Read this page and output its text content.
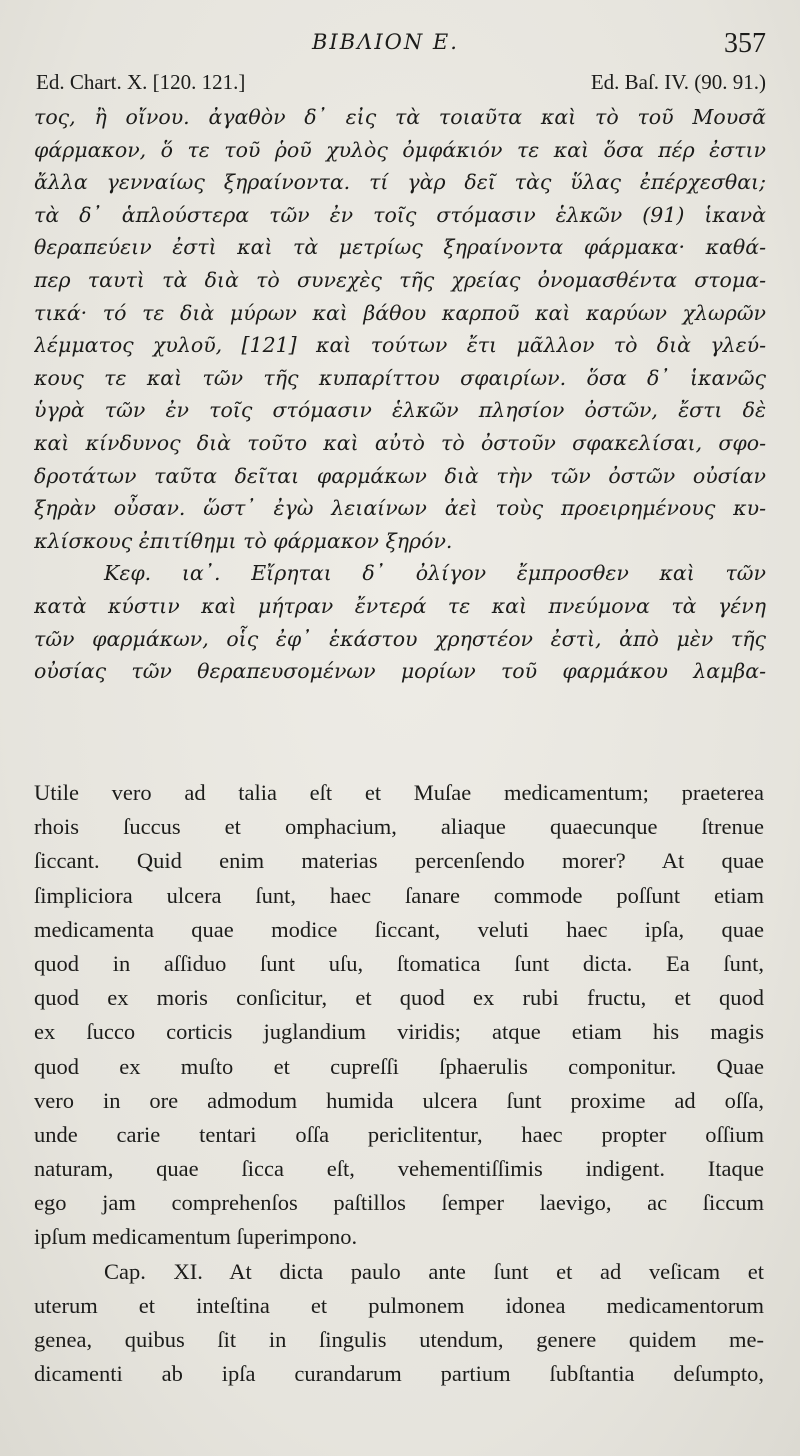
ΒΙΒΛΙΟΝ Ε.	357
Ed. Chart. X. [120. 121.]	Ed. Baſ. IV. (90. 91.)
τος, ἢ οἴνου. ἀγαθὸν δ᾽ εἰς τὰ τοιαῦτα καὶ τὸ τοῦ Μουσᾶ
φάρμακον, ὅ τε τοῦ ῥοῦ χυλὸς ὀμφάκιόν τε καὶ ὅσα πέρ ἐστιν
ἄλλα γενναίως ξηραίνοντα. τί γὰρ δεῖ τὰς ὕλας ἐπέρχεσθαι;
τὰ δ᾽ ἁπλούστερα τῶν ἐν τοῖς στόμασιν ἑλκῶν (91) ἱκανὰ
θεραπεύειν ἐστὶ καὶ τὰ μετρίως ξηραίνοντα φάρμακα· καθά-
περ ταυτὶ τὰ διὰ τὸ συνεχὲς τῆς χρείας ὀνομασθέντα στομα-
τικά· τό τε διὰ μύρων καὶ βάθου καρποῦ καὶ καρύων χλωρῶν
λέμματος χυλοῦ, [121] καὶ τούτων ἔτι μᾶλλον τὸ διὰ γλεύ-
κους τε καὶ τῶν τῆς κυπαρίττου σφαιρίων. ὅσα δ᾽ ἱκανῶς
ὑγρὰ τῶν ἐν τοῖς στόμασιν ἑλκῶν πλησίον ὀστῶν, ἔστι δὲ
καὶ κίνδυνος διὰ τοῦτο καὶ αὐτὸ τὸ ὀστοῦν σφακελίσαι, σφο-
δροτάτων ταῦτα δεῖται φαρμάκων διὰ τὴν τῶν ὀστῶν οὐσίαν
ξηρὰν οὖσαν. ὥστ᾽ ἐγὼ λειαίνων ἀεὶ τοὺς προειρημένους κυ-
κλίσκους ἐπιτίθημι τὸ φάρμακον ξηρόν.
Κεφ. ια᾽. Εἴρηται δ᾽ ὀλίγον ἔμπροσθεν καὶ τῶν
κατὰ κύστιν καὶ μήτραν ἔντερά τε καὶ πνεύμονα τὰ γένη
τῶν φαρμάκων, οἷς ἐφ᾽ ἑκάστου χρηστέον ἐστὶ, ἀπὸ μὲν τῆς
οὐσίας τῶν θεραπευσομένων μορίων τοῦ φαρμάκου λαμβα-
Utile vero ad talia eſt et Muſae medicamentum; praeterea
rhois ſuccus et omphacium, aliaque quaecunque ſtrenue
ſiccant. Quid enim materias percenſendo morer? At quae
ſimpliciora ulcera ſunt, haec ſanare commode poſſunt etiam
medicamenta quae modice ſiccant, veluti haec ipſa, quae
quod in aſſiduo ſunt uſu, ſtomatica ſunt dicta. Ea ſunt,
quod ex moris conſicitur, et quod ex rubi fructu, et quod
ex ſucco corticis juglandium viridis; atque etiam his magis
quod ex muſto et cupreſſi ſphaerulis componitur. Quae
vero in ore admodum humida ulcera ſunt proxime ad oſſa,
unde carie tentari oſſa periclitentur, haec propter oſſium
naturam, quae ſicca eſt, vehementiſſimis indigent. Itaque
ego jam comprehenſos paſtillos ſemper laevigo, ac ſiccum
ipſum medicamentum ſuperimpono.
Cap. XI. At dicta paulo ante ſunt et ad veſicam et
uterum et inteſtina et pulmonem idonea medicamentorum
genea, quibus ſit in ſingulis utendum, genere quidem me-
dicamenti ab ipſa curandarum partium ſubſtantia deſumpto,
